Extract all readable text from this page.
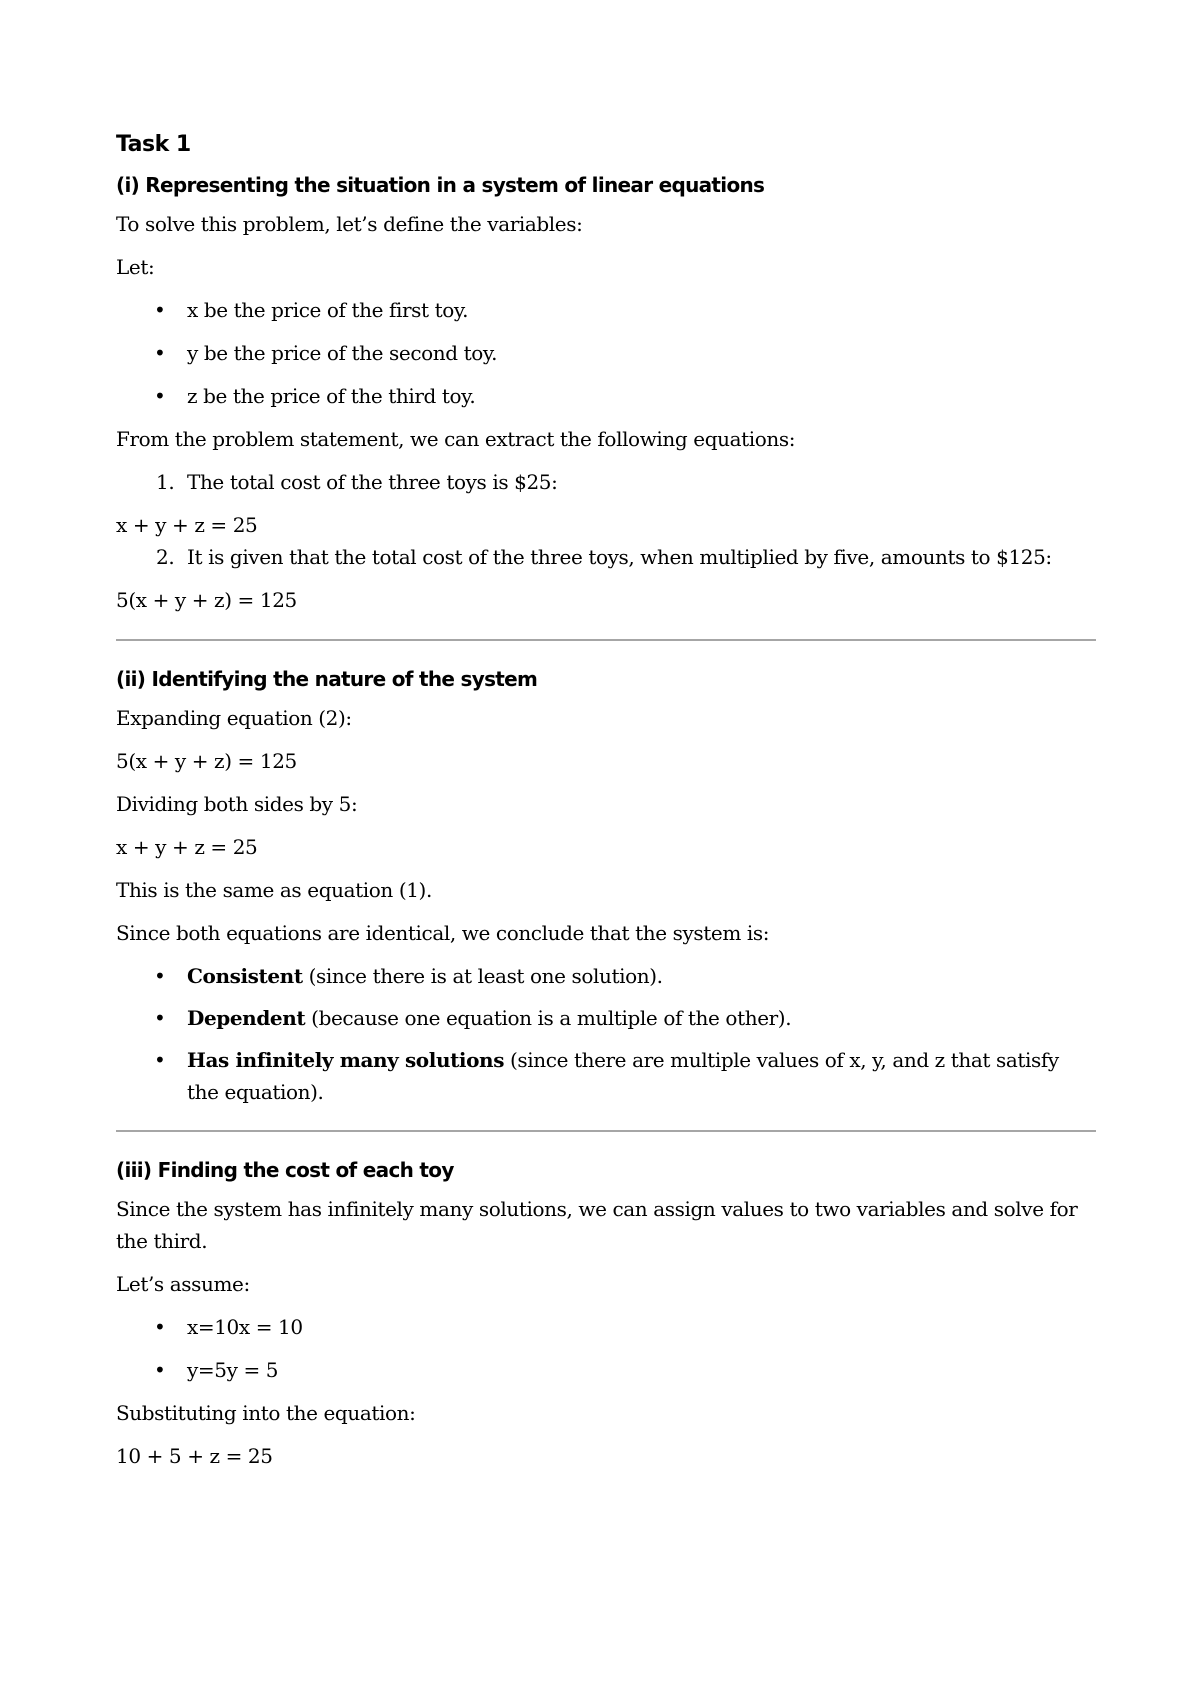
Task 1
(i) Representing the situation in a system of linear equations

To solve this problem, let’s define the variables:

Let:

• x be the price of the first toy.
• y be the price of the second toy.
• z be the price of the third toy.

From the problem statement, we can extract the following equations:

1. The total cost of the three toys is $25:

x + y + z = 25

2. It is given that the total cost of the three toys, when multiplied by five, amounts to $125:

5(x + y + z) = 125

(ii) Identifying the nature of the system

Expanding equation (2):

5(x + y + z) = 125

Dividing both sides by 5:

x + y + z = 25

This is the same as equation (1).

Since both equations are identical, we conclude that the system is:

• Consistent (since there is at least one solution).
• Dependent (because one equation is a multiple of the other).
• Has infinitely many solutions (since there are multiple values of x, y, and z that satisfy the equation).
(iii) Finding the cost of each toy

Since the system has infinitely many solutions, we can assign values to two variables and solve for the third.

Let’s assume:

• x=10x = 10
• y=5y = 5

Substituting into the equation:

10 + 5 + z = 25
